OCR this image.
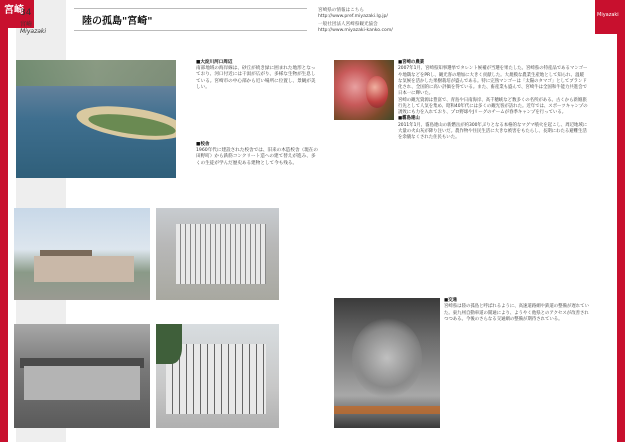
宮崎
34
宮崎
Miyazaki
陸の孤島"宮崎"
宮崎県の情報はこちら
http://www.pref.miyazaki.lg.jp/
一般社団法人宮崎県観光協会
http://www.miyazaki-kanko.com/
Miyazaki
■大淀川河口周辺
南部地域の海岸線は、砂丘が続き緑に囲まれた地形となっており、河口付近には干潟が広がり、多様な生物が生息している。宮崎市の中心部から近い場所に位置し、景観が美しい。
■校舎
1960年代に建設された校舎では、旧来の木造校舎（現在の田野町）から鉄筋コンクリート造への建て替えが進み、多くの生徒が学んだ歴史ある建物として今も残る。
■宮崎の農業

2007年1月、宮崎県知事選挙でタレント候補が当選を果たした。宮崎県の特産品であるマンゴーや地鶏などをPRし、観光客の増加に大きく貢献した。大規模な農業生産地として知られ、温暖な気候を活かした果樹栽培が盛んである。特に完熟マンゴーは「太陽のタマゴ」としてブランド化され、全国的に高い評価を得ている。また、畜産業も盛んで、宮崎牛は全国和牛能力共進会で日本一に輝いた。

宮崎の観光資源は豊富で、青島や日南海岸、高千穂峡など数多くの名所がある。古くから新婚旅行先として人気を集め、昭和40年代には多くの観光客が訪れた。近年では、スポーツキャンプの誘致にも力を入れており、プロ野球やJリーグのチームが春季キャンプを行っている。

■霧島連山

2011年1月、霧島連山の新燃岳が約300年ぶりとなる本格的なマグマ噴火を起こし、周辺地域に大量の火山灰が降り注いだ。農作物や住民生活に大きな被害をもたらし、長期にわたる避難生活を余儀なくされた住民もいた。

■交通

宮崎県は陸の孤島と呼ばれるように、高速道路網や鉄道の整備が遅れていた。東九州自動車道の開通により、ようやく他県とのアクセスが改善されつつある。今後のさらなる交通網の整備が期待されている。
